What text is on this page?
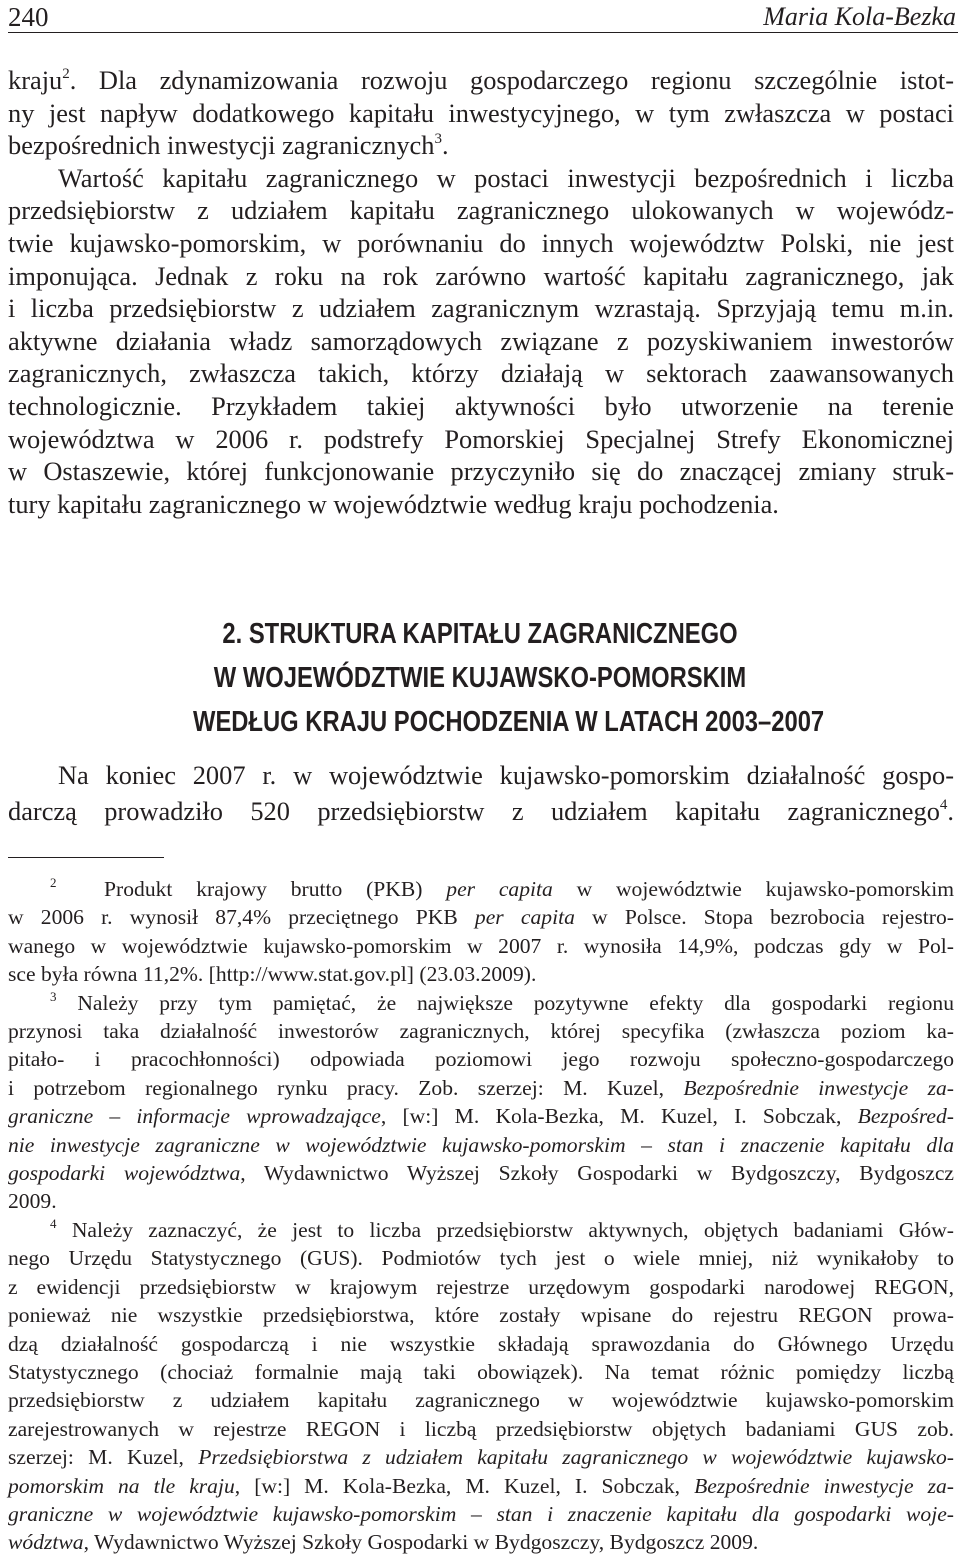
240	Maria Kola-Bezka
kraju$^2$. Dla zdynamizowania rozwoju gospodarczego regionu szczególnie istot-
ny jest napływ dodatkowego kapitału inwestycyjnego, w tym zwłaszcza w postaci
bezpośrednich inwestycji zagranicznych$^3$.
Wartość kapitału zagranicznego w postaci inwestycji bezpośrednich i liczba
przedsiębiorstw z udziałem kapitału zagranicznego ulokowanych w wojewódz-
twie kujawsko-pomorskim, w porównaniu do innych województw Polski, nie jest
imponująca. Jednak z roku na rok zarówno wartość kapitału zagranicznego, jak
i liczba przedsiębiorstw z udziałem zagranicznym wzrastają. Sprzyjają temu m.in.
aktywne działania władz samorządowych związane z pozyskiwaniem inwestorów
zagranicznych, zwłaszcza takich, którzy działają w sektorach zaawansowanych
technologicznie. Przykładem takiej aktywności było utworzenie na terenie
województwa w 2006 r. podstrefy Pomorskiej Specjalnej Strefy Ekonomicznej
w Ostaszewie, której funkcjonowanie przyczyniło się do znaczącej zmiany struk-
tury kapitału zagranicznego w województwie według kraju pochodzenia.
2. STRUKTURA KAPITAŁU ZAGRANICZNEGO
W WOJEWÓDZTWIE KUJAWSKO-POMORSKIM
WEDŁUG KRAJU POCHODZENIA W LATACH 2003–2007
Na koniec 2007 r. w województwie kujawsko-pomorskim działalność gospo-
darczą prowadziło 520 przedsiębiorstw z udziałem kapitału zagranicznego$^4$.
$^2$ Produkt krajowy brutto (PKB) per capita w województwie kujawsko-pomorskim
w 2006 r. wynosił 87,4% przeciętnego PKB per capita w Polsce. Stopa bezrobocia rejestro-
wanego w województwie kujawsko-pomorskim w 2007 r. wynosiła 14,9%, podczas gdy w Pol-
sce była równa 11,2%. [http://www.stat.gov.pl] (23.03.2009).
$^3$ Należy przy tym pamiętać, że największe pozytywne efekty dla gospodarki regionu
przynosi taka działalność inwestorów zagranicznych, której specyfika (zwłaszcza poziom ka-
pitało- i pracochłonności) odpowiada poziomowi jego rozwoju społeczno-gospodarczego
i potrzebom regionalnego rynku pracy. Zob. szerzej: M. Kuzel, Bezpośrednie inwestycje za-
graniczne – informacje wprowadzające, [w:] M. Kola-Bezka, M. Kuzel, I. Sobczak, Bezpośred-
nie inwestycje zagraniczne w województwie kujawsko-pomorskim – stan i znaczenie kapitału dla
gospodarki województwa, Wydawnictwo Wyższej Szkoły Gospodarki w Bydgoszczy, Bydgoszcz
2009.
$^4$ Należy zaznaczyć, że jest to liczba przedsiębiorstw aktywnych, objętych badaniami Głów-
nego Urzędu Statystycznego (GUS). Podmiotów tych jest o wiele mniej, niż wynikałoby to
z ewidencji przedsiębiorstw w krajowym rejestrze urzędowym gospodarki narodowej REGON,
ponieważ nie wszystkie przedsiębiorstwa, które zostały wpisane do rejestru REGON prowa-
dzą działalność gospodarczą i nie wszystkie składają sprawozdania do Głównego Urzędu
Statystycznego (chociaż formalnie mają taki obowiązek). Na temat różnic pomiędzy liczbą
przedsiębiorstw z udziałem kapitału zagranicznego w województwie kujawsko-pomorskim
zarejestrowanych w rejestrze REGON i liczbą przedsiębiorstw objętych badaniami GUS zob.
szerzej: M. Kuzel, Przedsiębiorstwa z udziałem kapitału zagranicznego w województwie kujawsko-
pomorskim na tle kraju, [w:] M. Kola-Bezka, M. Kuzel, I. Sobczak, Bezpośrednie inwestycje za-
graniczne w województwie kujawsko-pomorskim – stan i znaczenie kapitału dla gospodarki woje-
wództwa, Wydawnictwo Wyższej Szkoły Gospodarki w Bydgoszczy, Bydgoszcz 2009.
